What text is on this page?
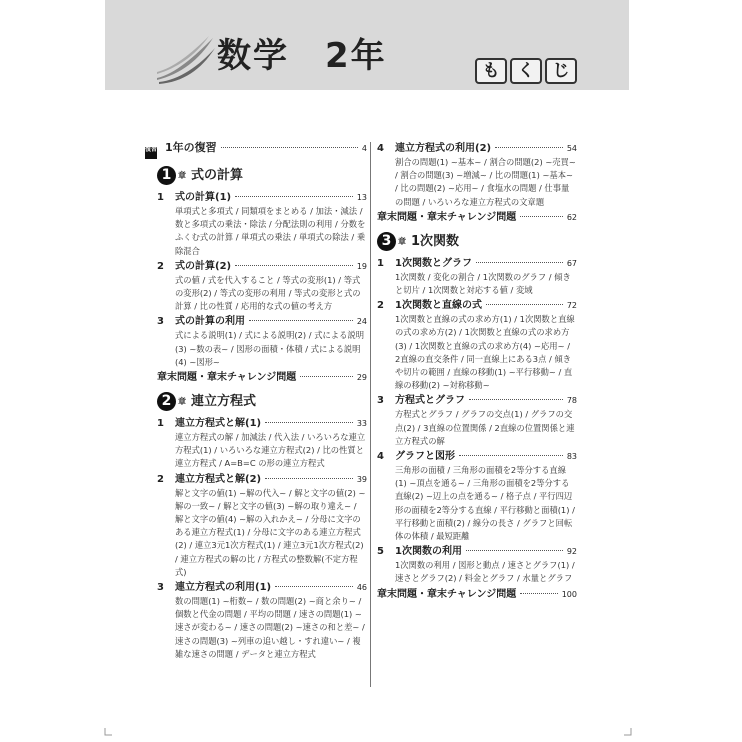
数学　2年	も	く	じ
復習 1年の復習	4
1 章 式の計算
1	式の計算(1)	13
単項式と多項式 / 同類項をまとめる / 加法・減法 / 数と多項式の乗法・除法 / 分配法則の利用 / 分数をふくむ式の計算 / 単項式の乗法 / 単項式の除法 / 乗除混合
2	式の計算(2)	19
式の値 / 式を代入すること / 等式の変形(1) / 等式の変形(2) / 等式の変形の利用 / 等式の変形と式の計算 / 比の性質 / 応用的な式の値の考え方
3	式の計算の利用	24
式による説明(1) / 式による説明(2) / 式による説明(3) ~数の表~ / 図形の面積・体積 / 式による説明(4) ~図形~
章末問題・章末チャレンジ問題	29
2 章 連立方程式
1	連立方程式と解(1)	33
連立方程式の解 / 加減法 / 代入法 / いろいろな連立方程式(1) / いろいろな連立方程式(2) / 比の性質と連立方程式 / A=B=C の形の連立方程式
2	連立方程式と解(2)	39
解と文字の値(1) ~解の代入~ / 解と文字の値(2) ~解の一致~ / 解と文字の値(3) ~解の取り違え~ / 解と文字の値(4) ~解の入れかえ~ / 分母に文字のある連立方程式(1) / 分母に文字のある連立方程式(2) / 連立3元1次方程式(1) / 連立3元1次方程式(2) / 連立方程式の解の比 / 方程式の整数解(不定方程式)
3	連立方程式の利用(1)	46
数の問題(1) ~桁数~ / 数の問題(2) ~商と余り~ / 個数と代金の問題 / 平均の問題 / 速さの問題(1) ~速さが変わる~ / 速さの問題(2) ~速さの和と差~ / 速さの問題(3) ~列車の追い越し・すれ違い~ / 複雑な速さの問題 / データと連立方程式
4	連立方程式の利用(2)	54
割合の問題(1) ~基本~ / 割合の問題(2) ~売買~ / 割合の問題(3) ~増減~ / 比の問題(1) ~基本~ / 比の問題(2) ~応用~ / 食塩水の問題 / 仕事量の問題 / いろいろな連立方程式の文章題
章末問題・章末チャレンジ問題	62
3 章 1次関数
1	1次関数とグラフ	67
1次関数 / 変化の割合 / 1次関数のグラフ / 傾きと切片 / 1次関数と対応する値 / 変域
2	1次関数と直線の式	72
1次関数と直線の式の求め方(1) / 1次関数と直線の式の求め方(2) / 1次関数と直線の式の求め方(3) / 1次関数と直線の式の求め方(4) ~応用~ / 2直線の直交条件 / 同一直線上にある3点 / 傾きや切片の範囲 / 直線の移動(1) ~平行移動~ / 直線の移動(2) ~対称移動~
3	方程式とグラフ	78
方程式とグラフ / グラフの交点(1) / グラフの交点(2) / 3直線の位置関係 / 2直線の位置関係と連立方程式の解
4	グラフと図形	83
三角形の面積 / 三角形の面積を2等分する直線(1) ~頂点を通る~ / 三角形の面積を2等分する直線(2) ~辺上の点を通る~ / 格子点 / 平行四辺形の面積を2等分する直線 / 平行移動と面積(1) / 平行移動と面積(2) / 線分の長さ / グラフと回転体の体積 / 最短距離
5	1次関数の利用	92
1次関数の利用 / 図形と動点 / 速さとグラフ(1) / 速さとグラフ(2) / 料金とグラフ / 水量とグラフ
章末問題・章末チャレンジ問題	100
